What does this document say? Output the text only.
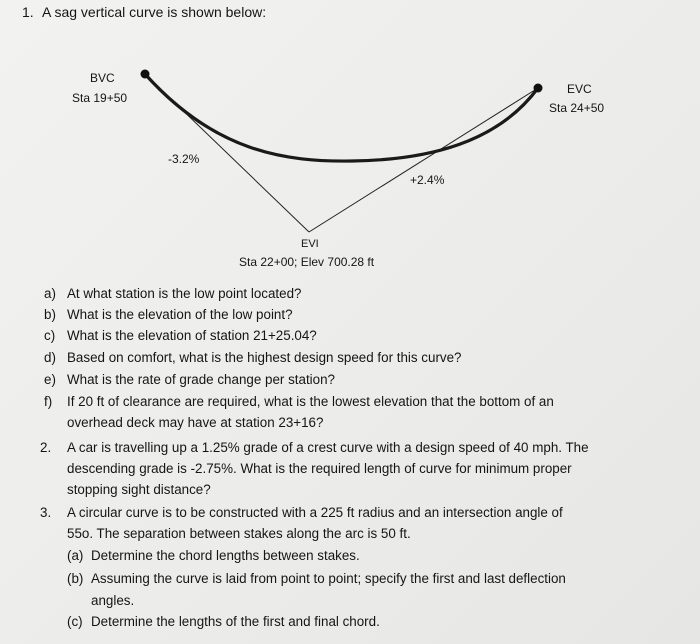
1. A sag vertical curve is shown below:
BVC
Sta 19+50
EVC
Sta 24+50
-3.2%
+2.4%
EVI
Sta 22+00; Elev 700.28 ft
a) At what station is the low point located?
b) What is the elevation of the low point?
c) What is the elevation of station 21+25.04?
d) Based on comfort, what is the highest design speed for this curve?
e) What is the rate of grade change per station?
f) If 20 ft of clearance are required, what is the lowest elevation that the bottom of an
overhead deck may have at station 23+16?
2. A car is travelling up a 1.25% grade of a crest curve with a design speed of 40 mph. The
descending grade is -2.75%. What is the required length of curve for minimum proper
stopping sight distance?
3. A circular curve is to be constructed with a 225 ft radius and an intersection angle of
55o. The separation between stakes along the arc is 50 ft.
(a) Determine the chord lengths between stakes.
(b) Assuming the curve is laid from point to point; specify the first and last deflection
angles.
(c) Determine the lengths of the first and final chord.
